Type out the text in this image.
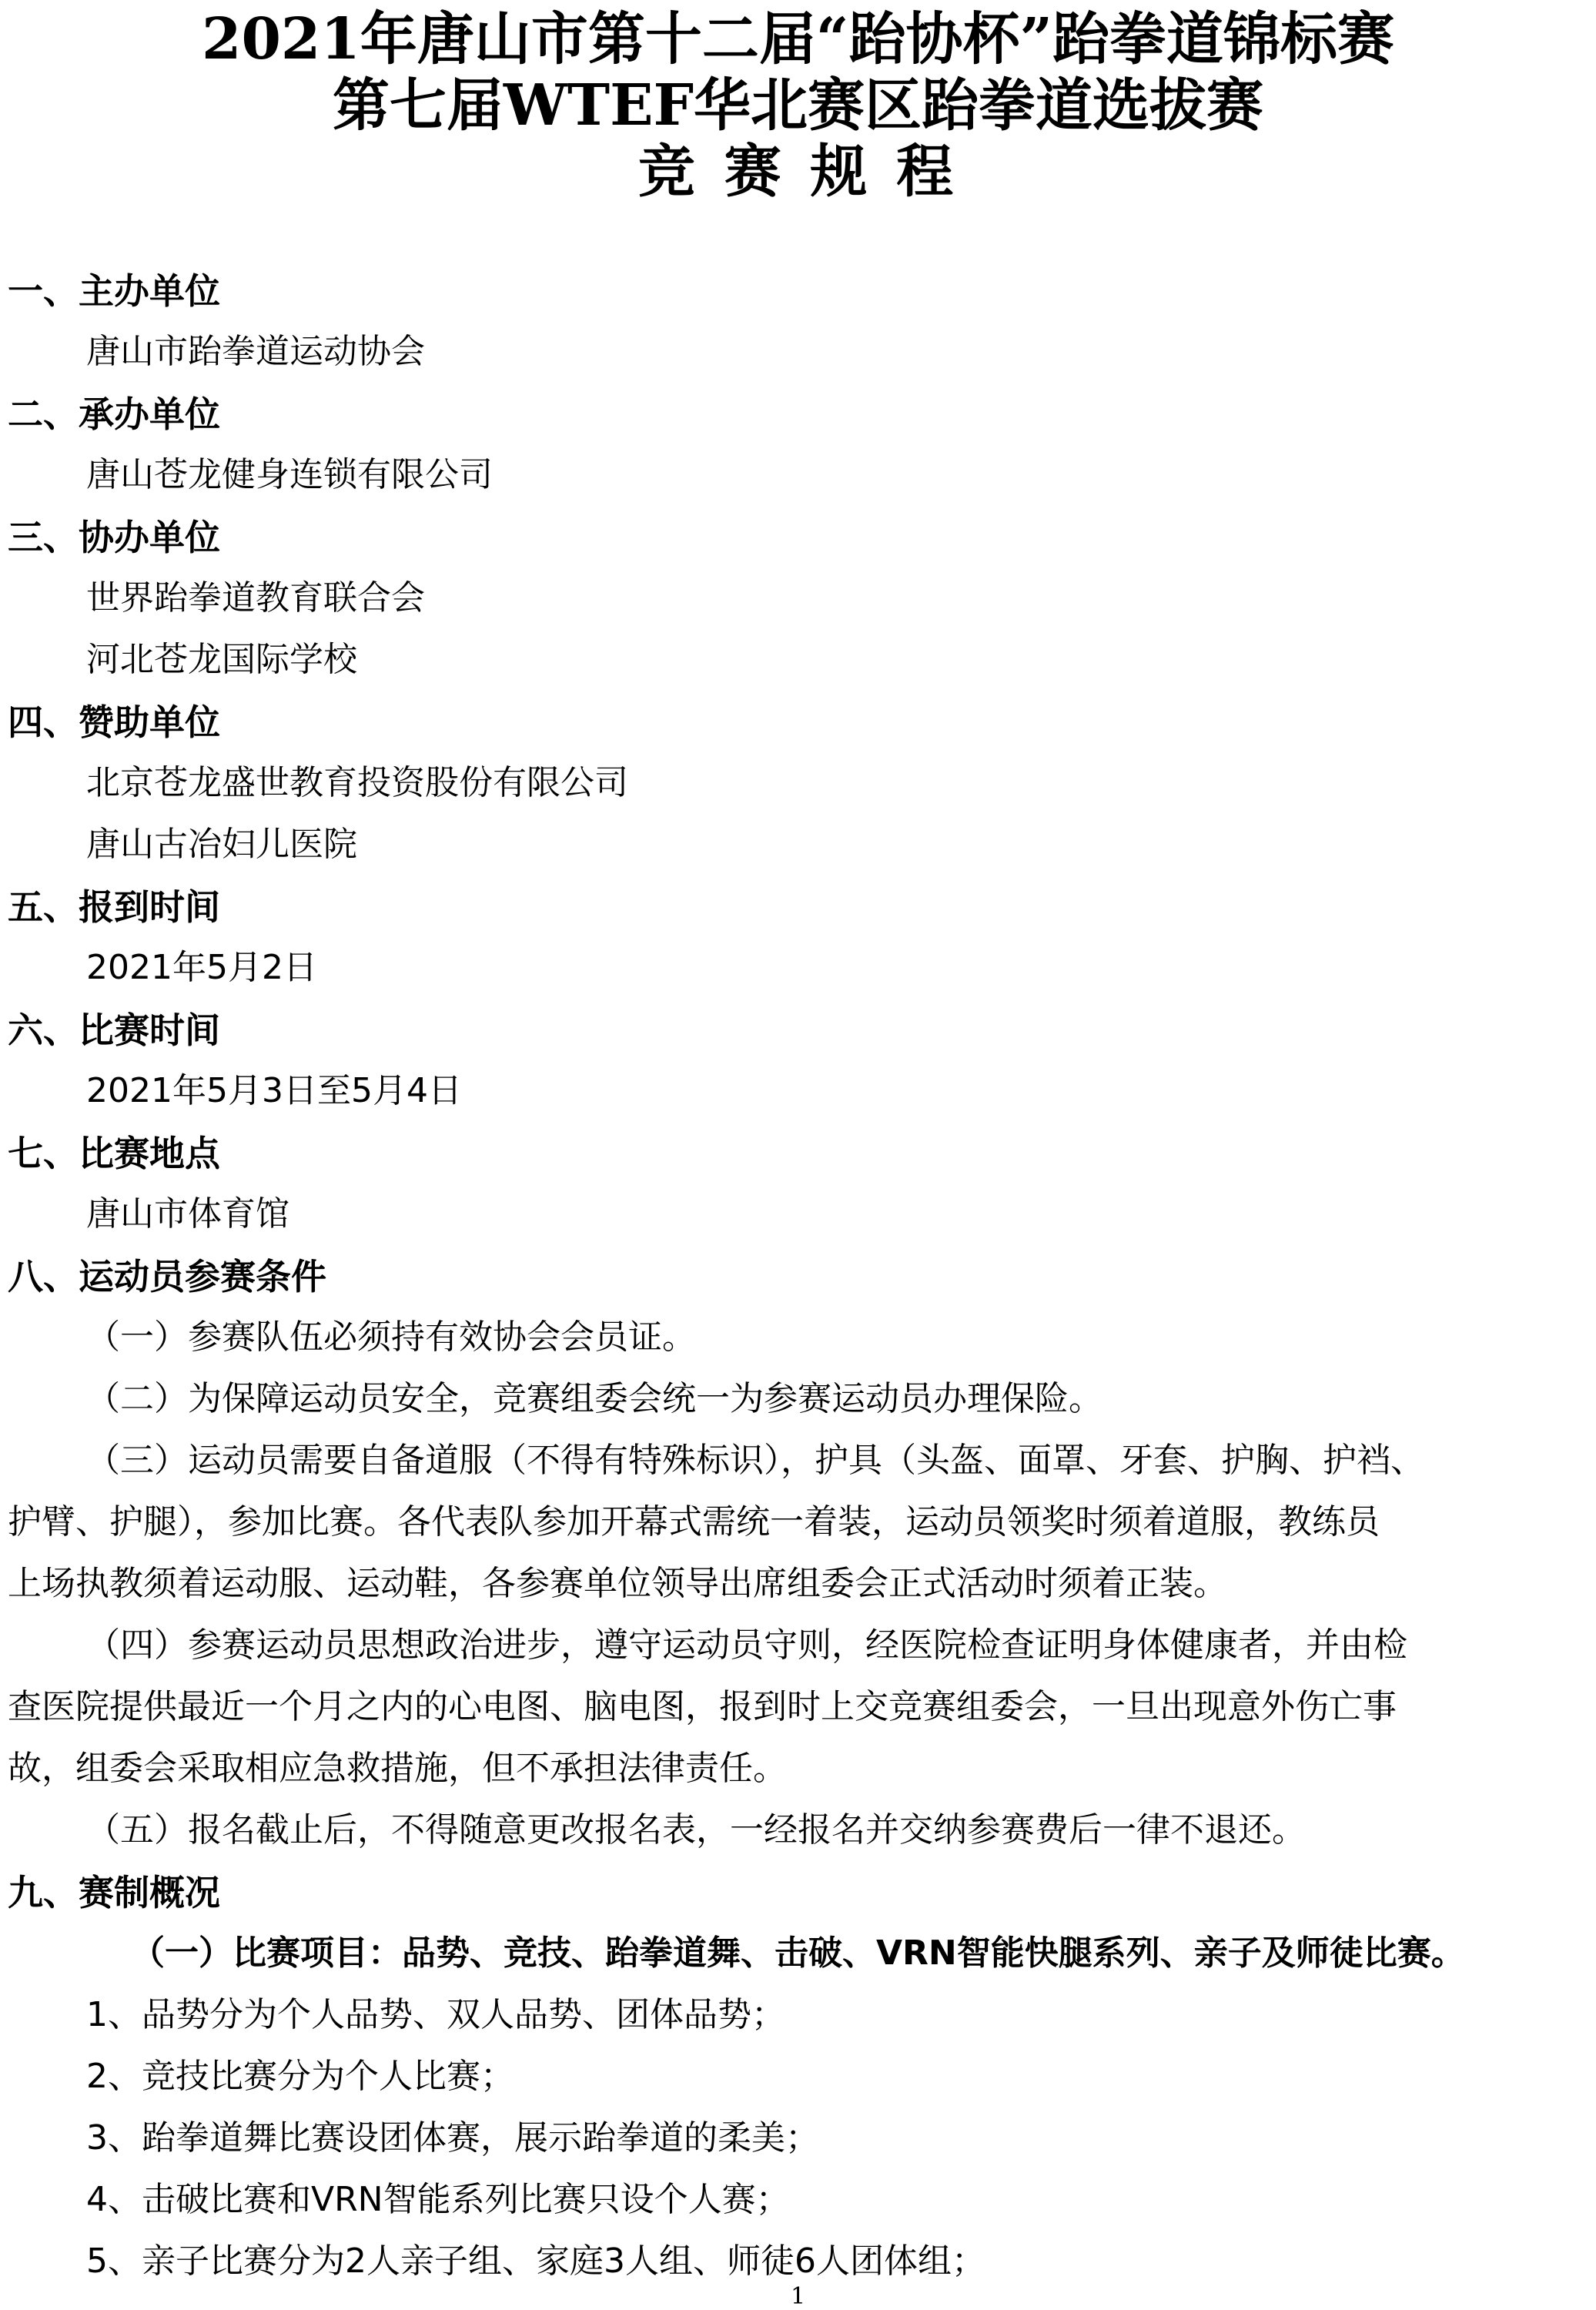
2021年唐山市第十二届“跆协杯”跆拳道锦标赛
第七届WTEF华北赛区跆拳道选拔赛
竞 赛 规 程
一、主办单位
唐山市跆拳道运动协会
二、承办单位
唐山苍龙健身连锁有限公司
三、协办单位
世界跆拳道教育联合会
河北苍龙国际学校
四、赞助单位
北京苍龙盛世教育投资股份有限公司
唐山古冶妇儿医院
五、报到时间
2021年5月2日
六、比赛时间
2021年5月3日至5月4日
七、比赛地点
唐山市体育馆
八、运动员参赛条件
（一）参赛队伍必须持有效协会会员证。
（二）为保障运动员安全，竞赛组委会统一为参赛运动员办理保险。
（三）运动员需要自备道服（不得有特殊标识），护具（头盔、面罩、牙套、护胸、护裆、
护臂、护腿），参加比赛。各代表队参加开幕式需统一着装，运动员领奖时须着道服，教练员
上场执教须着运动服、运动鞋，各参赛单位领导出席组委会正式活动时须着正装。
（四）参赛运动员思想政治进步，遵守运动员守则，经医院检查证明身体健康者，并由检
查医院提供最近一个月之内的心电图、脑电图，报到时上交竞赛组委会，一旦出现意外伤亡事
故，组委会采取相应急救措施，但不承担法律责任。
（五）报名截止后，不得随意更改报名表，一经报名并交纳参赛费后一律不退还。
九、赛制概况
（一）比赛项目：品势、竞技、跆拳道舞、击破、VRN智能快腿系列、亲子及师徒比赛。
1、品势分为个人品势、双人品势、团体品势；
2、竞技比赛分为个人比赛；
3、跆拳道舞比赛设团体赛，展示跆拳道的柔美；
4、击破比赛和VRN智能系列比赛只设个人赛；
5、亲子比赛分为2人亲子组、家庭3人组、师徒6人团体组；
1
